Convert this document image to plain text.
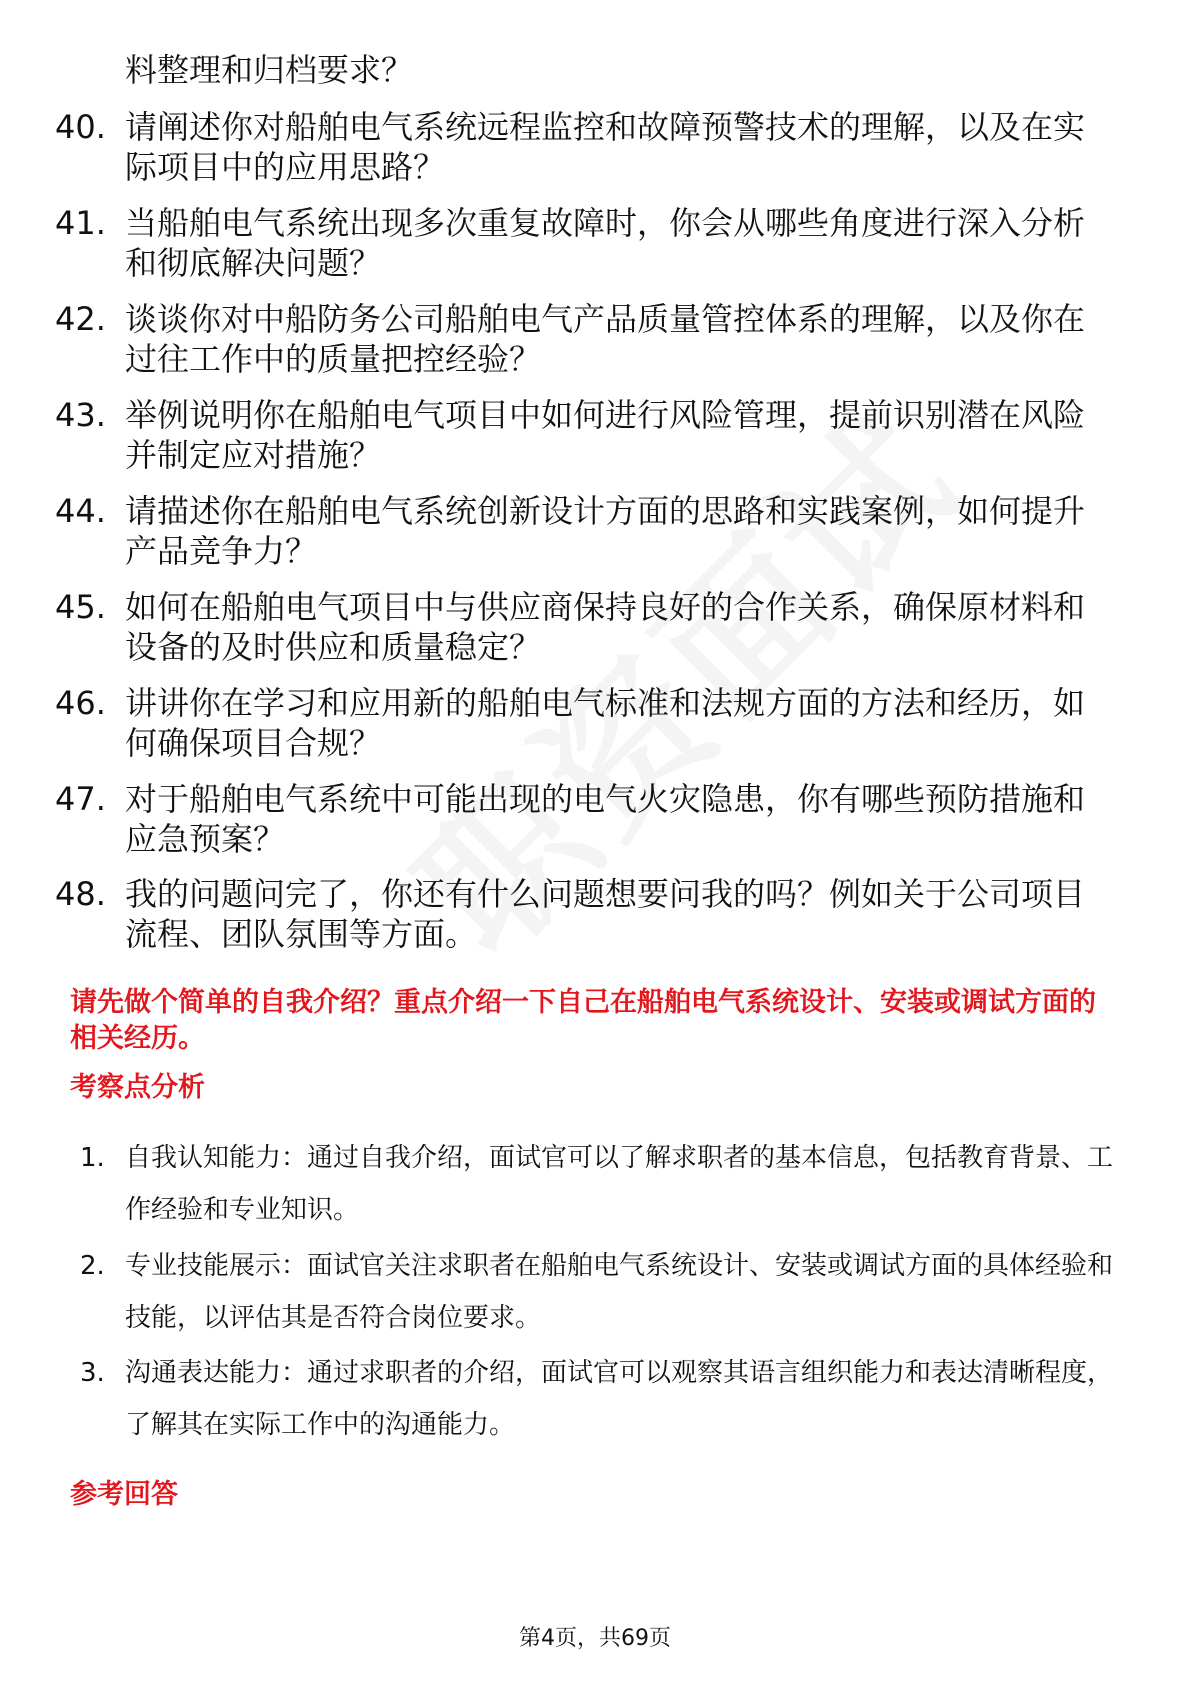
料整理和归档要求？

40. 请阐述你对船舶电气系统远程监控和故障预警技术的理解，以及在实际项目中的应用思路？
41. 当船舶电气系统出现多次重复故障时，你会从哪些角度进行深入分析和彻底解决问题？
42. 谈谈你对中船防务公司船舶电气产品质量管控体系的理解，以及你在过往工作中的质量把控经验？
43. 举例说明你在船舶电气项目中如何进行风险管理，提前识别潜在风险并制定应对措施？
44. 请描述你在船舶电气系统创新设计方面的思路和实践案例，如何提升产品竞争力？
45. 如何在船舶电气项目中与供应商保持良好的合作关系，确保原材料和设备的及时供应和质量稳定？
46. 讲讲你在学习和应用新的船舶电气标准和法规方面的方法和经历，如何确保项目合规？
47. 对于船舶电气系统中可能出现的电气火灾隐患，你有哪些预防措施和应急预案？
48. 我的问题问完了，你还有什么问题想要问我的吗？例如关于公司项目流程、团队氛围等方面。

请先做个简单的自我介绍？重点介绍一下自己在船舶电气系统设计、安装或调试方面的相关经历。

考察点分析

1. 自我认知能力：通过自我介绍，面试官可以了解求职者的基本信息，包括教育背景、工作经验和专业知识。
2. 专业技能展示：面试官关注求职者在船舶电气系统设计、安装或调试方面的具体经验和技能，以评估其是否符合岗位要求。
3. 沟通表达能力：通过求职者的介绍，面试官可以观察其语言组织能力和表达清晰程度，了解其在实际工作中的沟通能力。

参考回答

第4页，共69页
